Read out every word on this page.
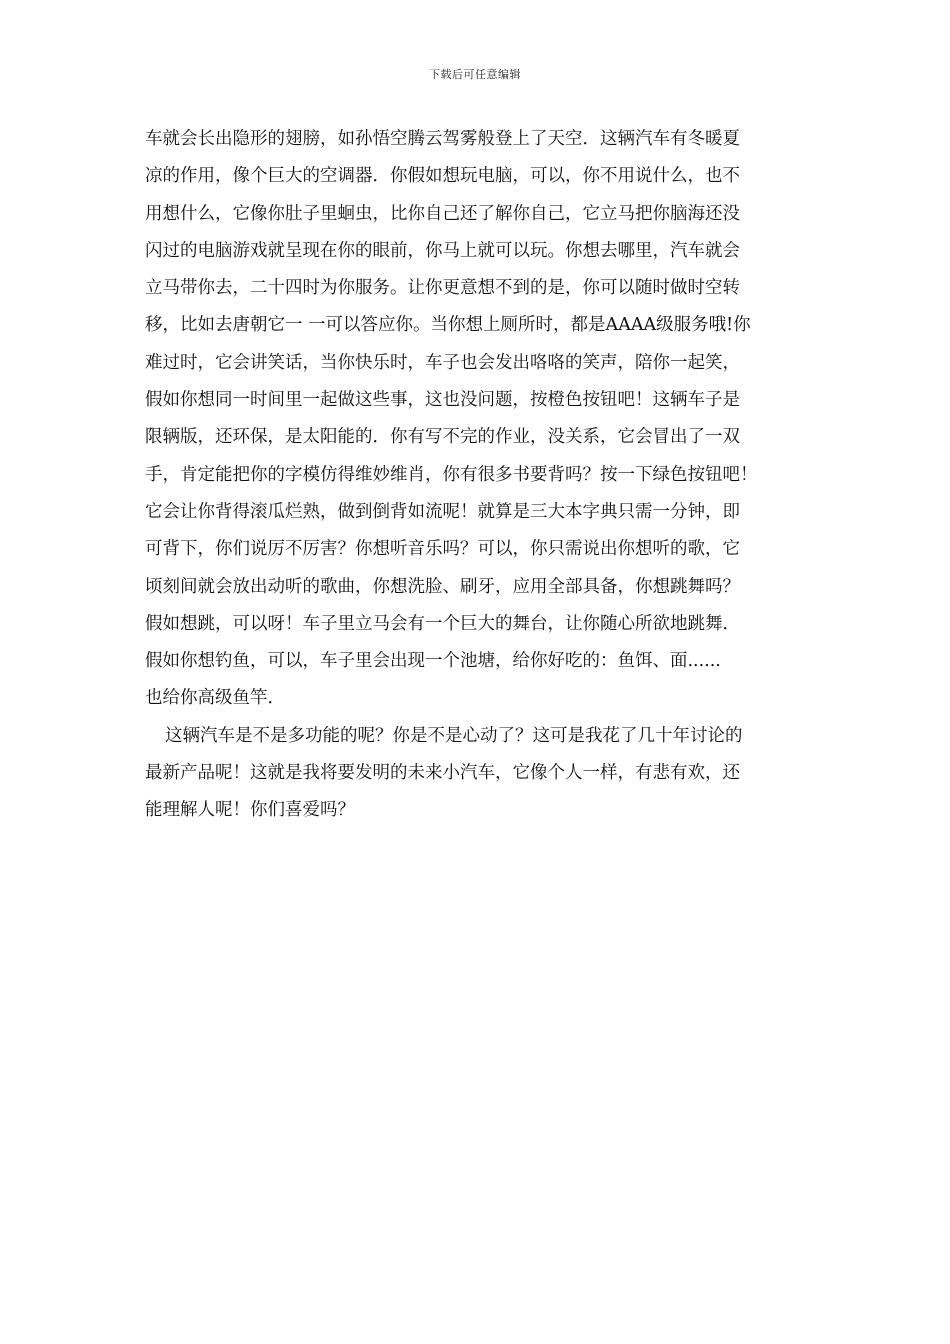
下载后可任意编辑
车就会长出隐形的翅膀，如孙悟空腾云驾雾般登上了天空．这辆汽车有冬暖夏
凉的作用，像个巨大的空调器．你假如想玩电脑，可以，你不用说什么，也不
用想什么，它像你肚子里蛔虫，比你自己还了解你自己，它立马把你脑海还没
闪过的电脑游戏就呈现在你的眼前，你马上就可以玩。你想去哪里，汽车就会
立马带你去，二十四时为你服务。让你更意想不到的是，你可以随时做时空转
移，比如去唐朝它一 一可以答应你。当你想上厕所时，都是AAAA级服务哦!你
难过时，它会讲笑话，当你快乐时，车子也会发出咯咯的笑声，陪你一起笑，
假如你想同一时间里一起做这些事，这也没问题，按橙色按钮吧！这辆车子是
限辆版，还环保，是太阳能的．你有写不完的作业，没关系，它会冒出了一双
手，肯定能把你的字模仿得维妙维肖，你有很多书要背吗？按一下绿色按钮吧！
它会让你背得滚瓜烂熟，做到倒背如流呢！就算是三大本字典只需一分钟，即
可背下，你们说厉不厉害？你想听音乐吗？可以，你只需说出你想听的歌，它
顷刻间就会放出动听的歌曲，你想洗脸、刷牙，应用全部具备，你想跳舞吗？
假如想跳，可以呀！车子里立马会有一个巨大的舞台，让你随心所欲地跳舞．
假如你想钓鱼，可以，车子里会出现一个池塘，给你好吃的：鱼饵、面......
也给你高级鱼竿．
这辆汽车是不是多功能的呢？你是不是心动了？这可是我花了几十年讨论的
最新产品呢！这就是我将要发明的未来小汽车，它像个人一样，有悲有欢，还
能理解人呢！你们喜爱吗？
